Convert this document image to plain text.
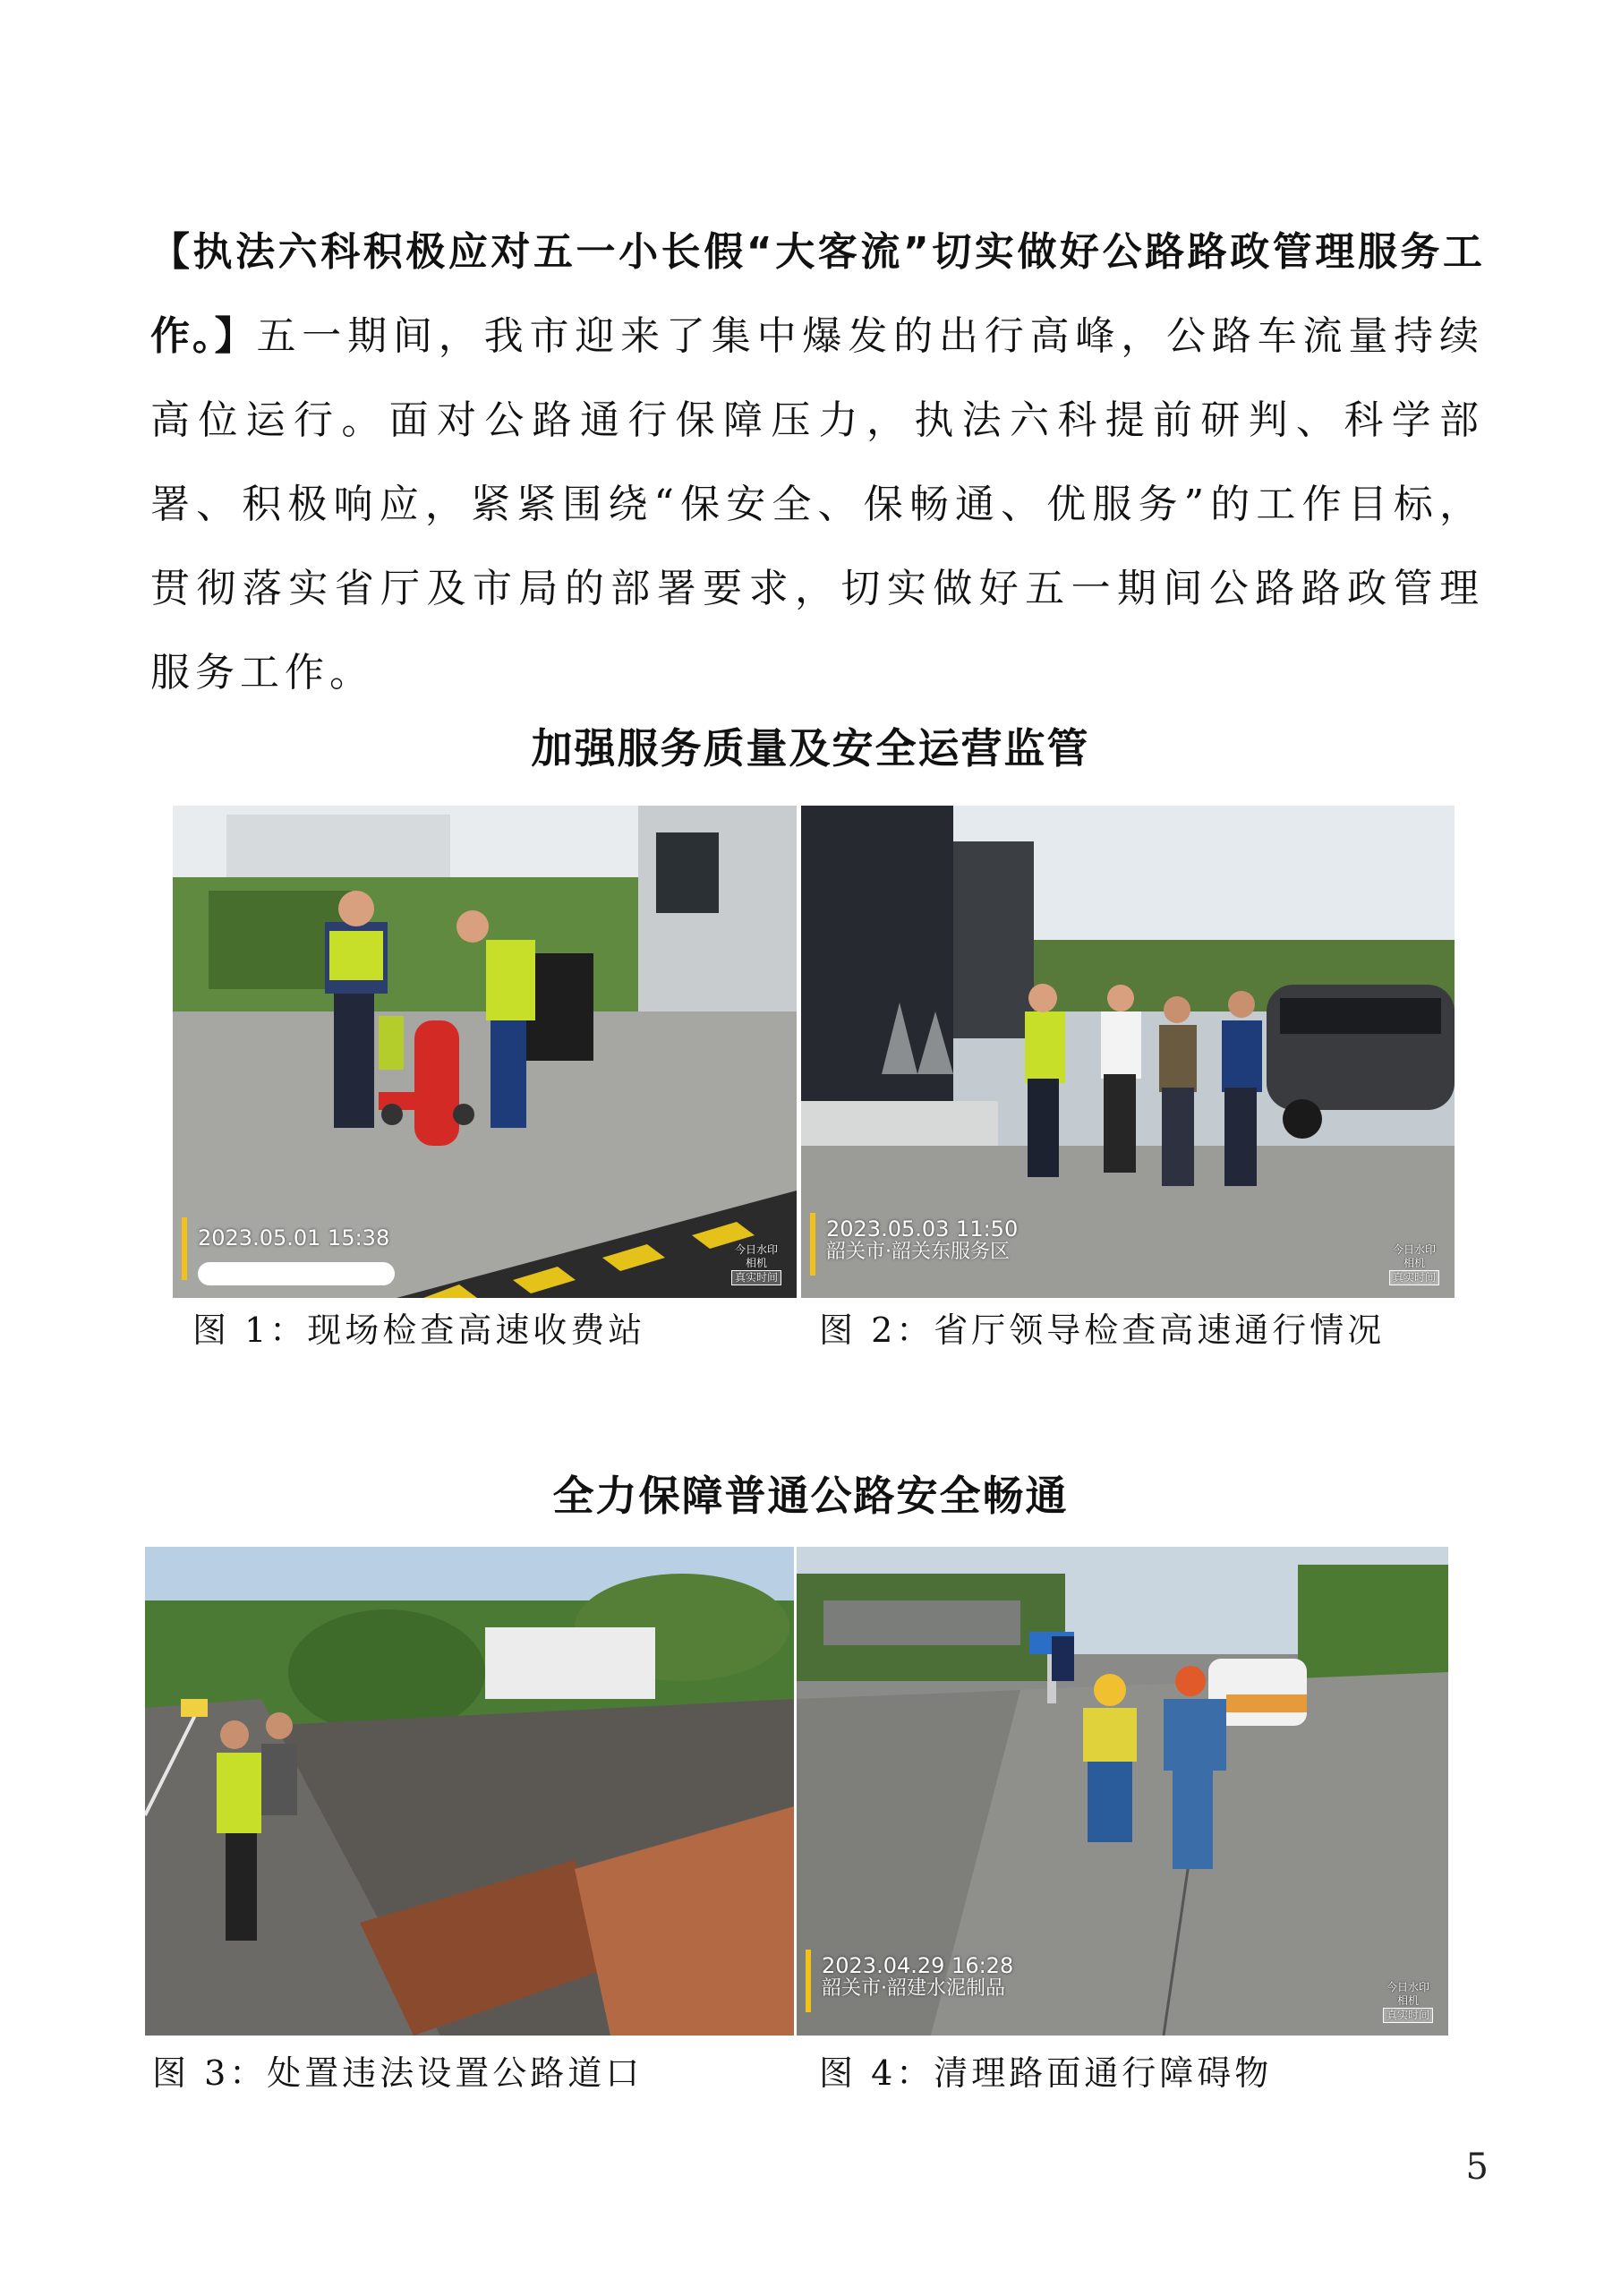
【执法六科积极应对五一小长假“大客流”切实做好公路路政管理服务工作。】五一期间，我市迎来了集中爆发的出行高峰，公路车流量持续高位运行。面对公路通行保障压力，执法六科提前研判、科学部署、积极响应，紧紧围绕“保安全、保畅通、优服务”的工作目标，贯彻落实省厅及市局的部署要求，切实做好五一期间公路路政管理服务工作。
加强服务质量及安全运营监管
2023.05.01 15:38	今日水印
相机
真实时间
2023.05.03 11:50
韶关市·韶关东服务区	今日水印
相机
真实时间
图 1：现场检查高速收费站	图 2：省厅领导检查高速通行情况
全力保障普通公路安全畅通
2023.04.29 16:28
韶关市·韶建水泥制品	今日水印
相机
真实时间
图 3：处置违法设置公路道口	图 4：清理路面通行障碍物
5
